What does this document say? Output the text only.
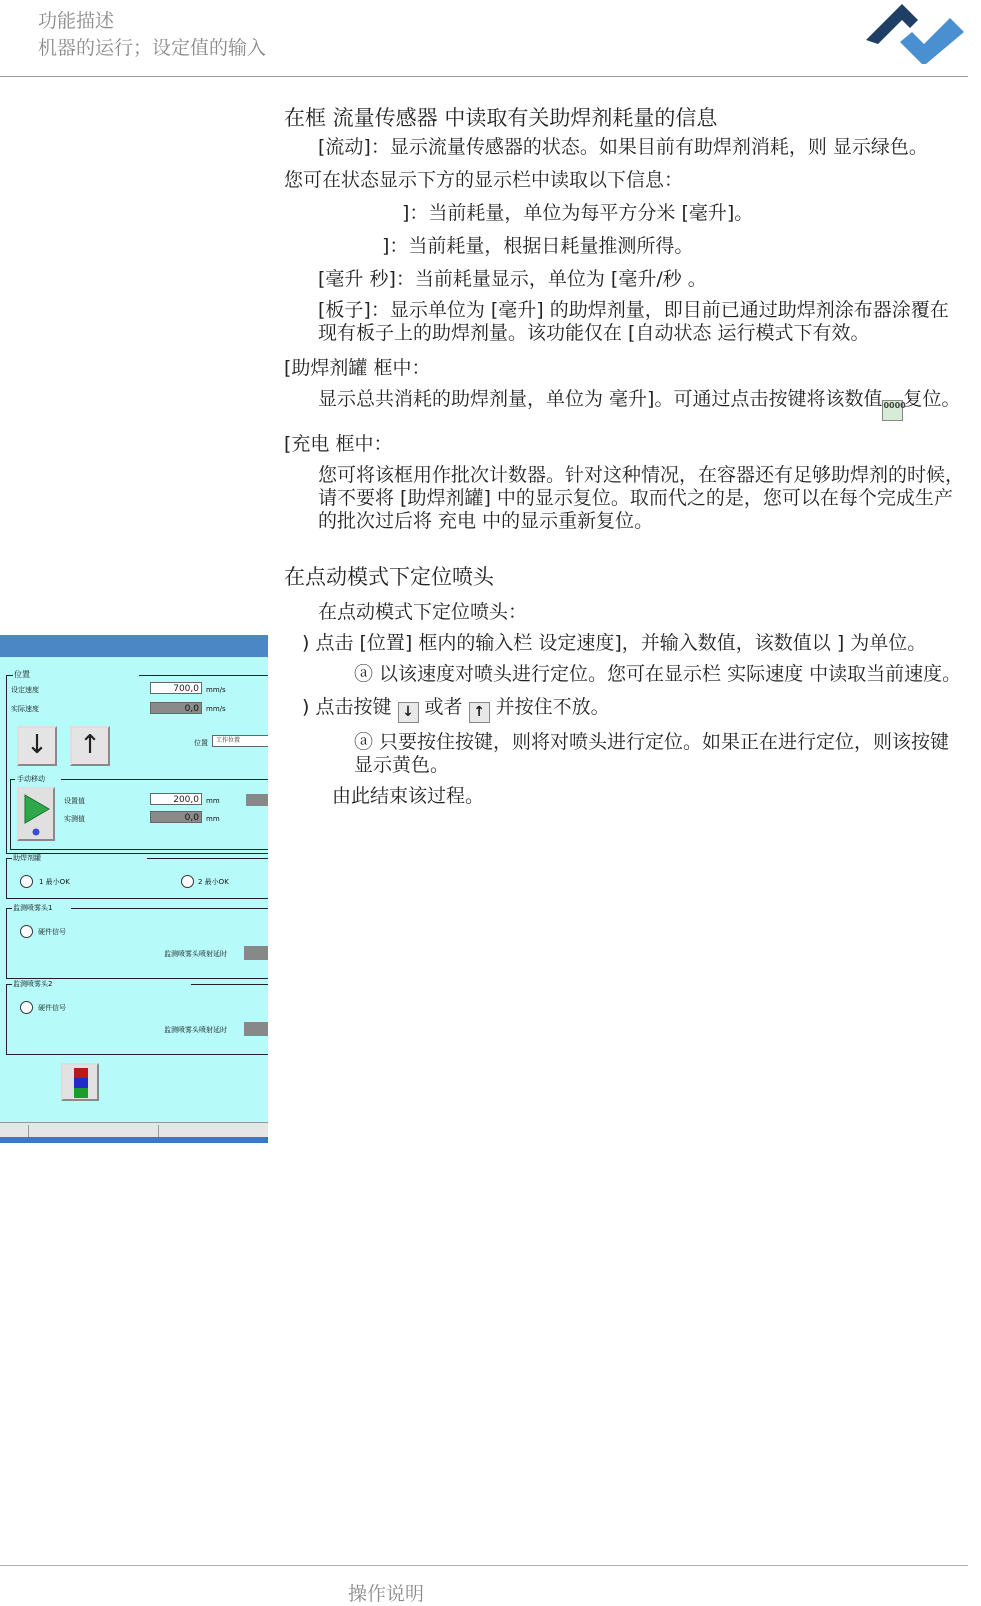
功能描述
机器的运行；设定值的输入

在框 流量传感器 中读取有关助焊剂耗量的信息

[流动]：显示流量传感器的状态。如果目前有助焊剂消耗，则 显示绿色。

您可在状态显示下方的显示栏中读取以下信息：

]：当前耗量，单位为每平方分米 [毫升]。

]：当前耗量，根据日耗量推测所得。

[毫升 秒]：当前耗量显示，单位为 [毫升/秒 。

[板子]：显示单位为 [毫升] 的助焊剂量，即目前已通过助焊剂涂布器涂覆在现有板子上的助焊剂量。该功能仅在 [自动状态 运行模式下有效。

[助焊剂罐 框中：

显示总共消耗的助焊剂量，单位为 毫升]。可通过点击按键将该数值0000复位。

[充电 框中：

您可将该框用作批次计数器。针对这种情况，在容器还有足够助焊剂的时候，请不要将 [助焊剂罐] 中的显示复位。取而代之的是，您可以在每个完成生产的批次过后将 充电 中的显示重新复位。

在点动模式下定位喷头

在点动模式下定位喷头：

) 点击 [位置] 框内的输入栏 设定速度]，并输入数值，该数值以 ] 为单位。

ⓐ 以该速度对喷头进行定位。您可在显示栏 实际速度 中读取当前速度。

) 点击按键 ↓ 或者 ↑ 并按住不放。

ⓐ 只要按住按键，则将对喷头进行定位。如果正在进行定位，则该按键显示黄色。

由此结束该过程。

位置
设定速度	700,0	mm/s
实际速度	0,0	mm/s
↓	↑	位置	工作位置
手动移动
设置值	200,0	mm
实测值	0,0	mm
助焊剂罐
1 最小OK	2 最小OK
监测喷雾头1
硬件信号
监测喷雾头喷射延时
监测喷雾头2
硬件信号
监测喷雾头喷射延时
操作说明
